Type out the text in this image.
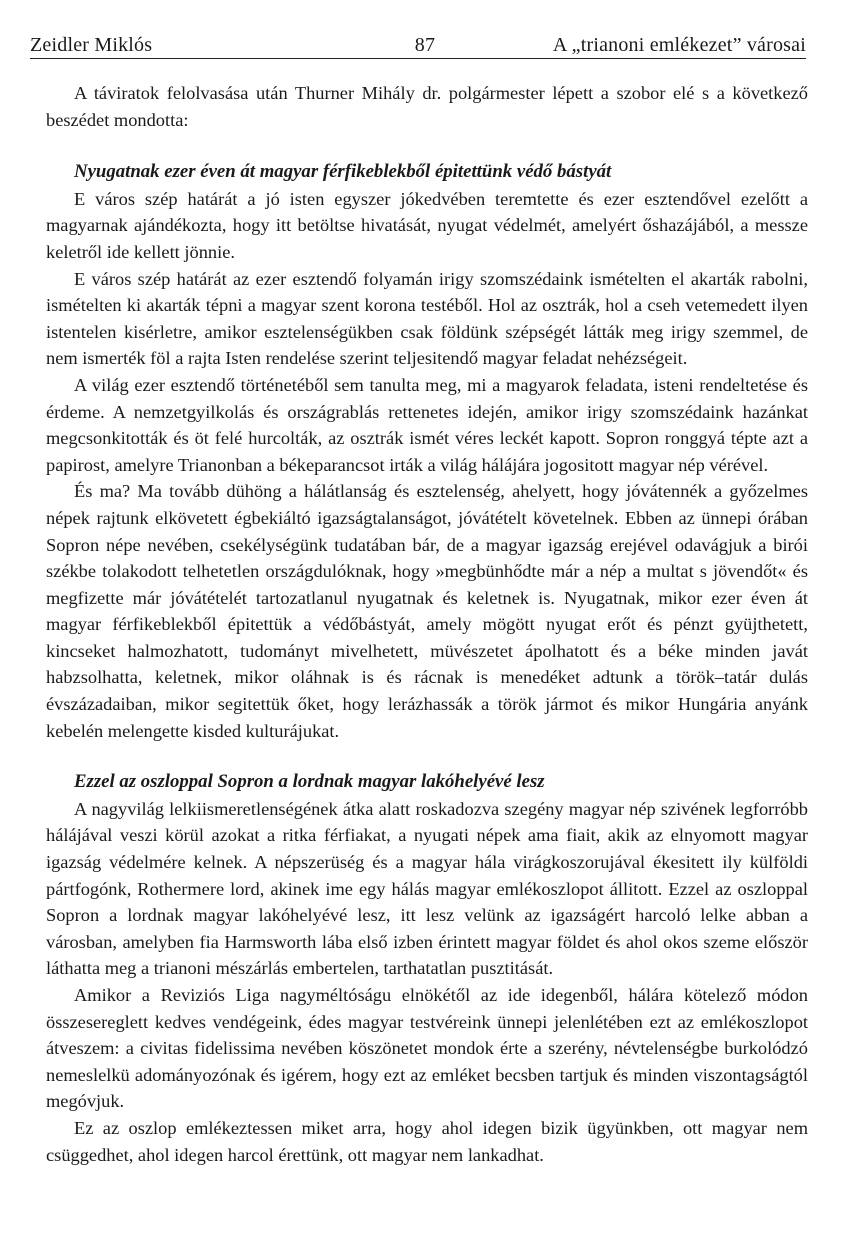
Zeidler Miklós	87	A „trianoni emlékezet” városai

A táviratok felolvasása után Thurner Mihály dr. polgármester lépett a szobor elé s a következő beszédet mondotta:

Nyugatnak ezer éven át magyar férfikeblekből épitettünk védő bástyát

E város szép határát a jó isten egyszer jókedvében teremtette és ezer esztendővel ezelőtt a magyarnak ajándékozta, hogy itt betöltse hivatását, nyugat védelmét, amelyért őshazájából, a messze keletről ide kellett jönnie.

E város szép határát az ezer esztendő folyamán irigy szomszédaink ismételten el akarták rabolni, ismételten ki akarták tépni a magyar szent korona testéből. Hol az osztrák, hol a cseh vetemedett ilyen istentelen kisérletre, amikor esztelenségükben csak földünk szépségét látták meg irigy szemmel, de nem ismerték föl a rajta Isten rendelése szerint teljesitendő magyar feladat nehézségeit.

A világ ezer esztendő történetéből sem tanulta meg, mi a magyarok feladata, isteni rendeltetése és érdeme. A nemzetgyilkolás és országrablás rettenetes idején, amikor irigy szomszédaink hazánkat megcsonkitották és öt felé hurcolták, az osztrák ismét véres leckét kapott. Sopron ronggyá tépte azt a papirost, amelyre Trianonban a békeparancsot irták a világ hálájára jogositott magyar nép vérével.

És ma? Ma tovább dühöng a hálátlanság és esztelenség, ahelyett, hogy jóvátennék a győzelmes népek rajtunk elkövetett égbekiáltó igazságtalanságot, jóvátételt követelnek. Ebben az ünnepi órában Sopron népe nevében, csekélységünk tudatában bár, de a magyar igazság erejével odavágjuk a birói székbe tolakodott telhetetlen országdulóknak, hogy »megbünhődte már a nép a multat s jövendőt« és megfizette már jóvátételét tartozatlanul nyugatnak és keletnek is. Nyugatnak, mikor ezer éven át magyar férfikeblekből épitettük a védőbástyát, amely mögött nyugat erőt és pénzt gyüjthetett, kincseket halmozhatott, tudományt mivelhetett, müvészetet ápolhatott és a béke minden javát habzsolhatta, keletnek, mikor oláhnak is és rácnak is menedéket adtunk a török–tatár dulás évszázadaiban, mikor segitettük őket, hogy lerázhassák a török jármot és mikor Hungária anyánk kebelén melengette kisded kulturájukat.

Ezzel az oszloppal Sopron a lordnak magyar lakóhelyévé lesz

A nagyvilág lelkiismeretlenségének átka alatt roskadozva szegény magyar nép szivének legforróbb hálájával veszi körül azokat a ritka férfiakat, a nyugati népek ama fiait, akik az elnyomott magyar igazság védelmére kelnek. A népszerüség és a magyar hála virágkoszorujával ékesitett ily külföldi pártfogónk, Rothermere lord, akinek ime egy hálás magyar emlékoszlopot állitott. Ezzel az oszloppal Sopron a lordnak magyar lakóhelyévé lesz, itt lesz velünk az igazságért harcoló lelke abban a városban, amelyben fia Harmsworth lába első izben érintett magyar földet és ahol okos szeme először láthatta meg a trianoni mészárlás embertelen, tarthatatlan pusztitását.

Amikor a Reviziós Liga nagyméltóságu elnökétől az ide idegenből, hálára kötelező módon összesereglett kedves vendégeink, édes magyar testvéreink ünnepi jelenlétében ezt az emlékoszlopot átveszem: a civitas fidelissima nevében köszönetet mondok érte a szerény, névtelenségbe burkolódzó nemeslelkü adományozónak és igérem, hogy ezt az emléket becsben tartjuk és minden viszontagságtól megóvjuk.

Ez az oszlop emlékeztessen miket arra, hogy ahol idegen bizik ügyünkben, ott magyar nem csüggedhet, ahol idegen harcol érettünk, ott magyar nem lankadhat.
